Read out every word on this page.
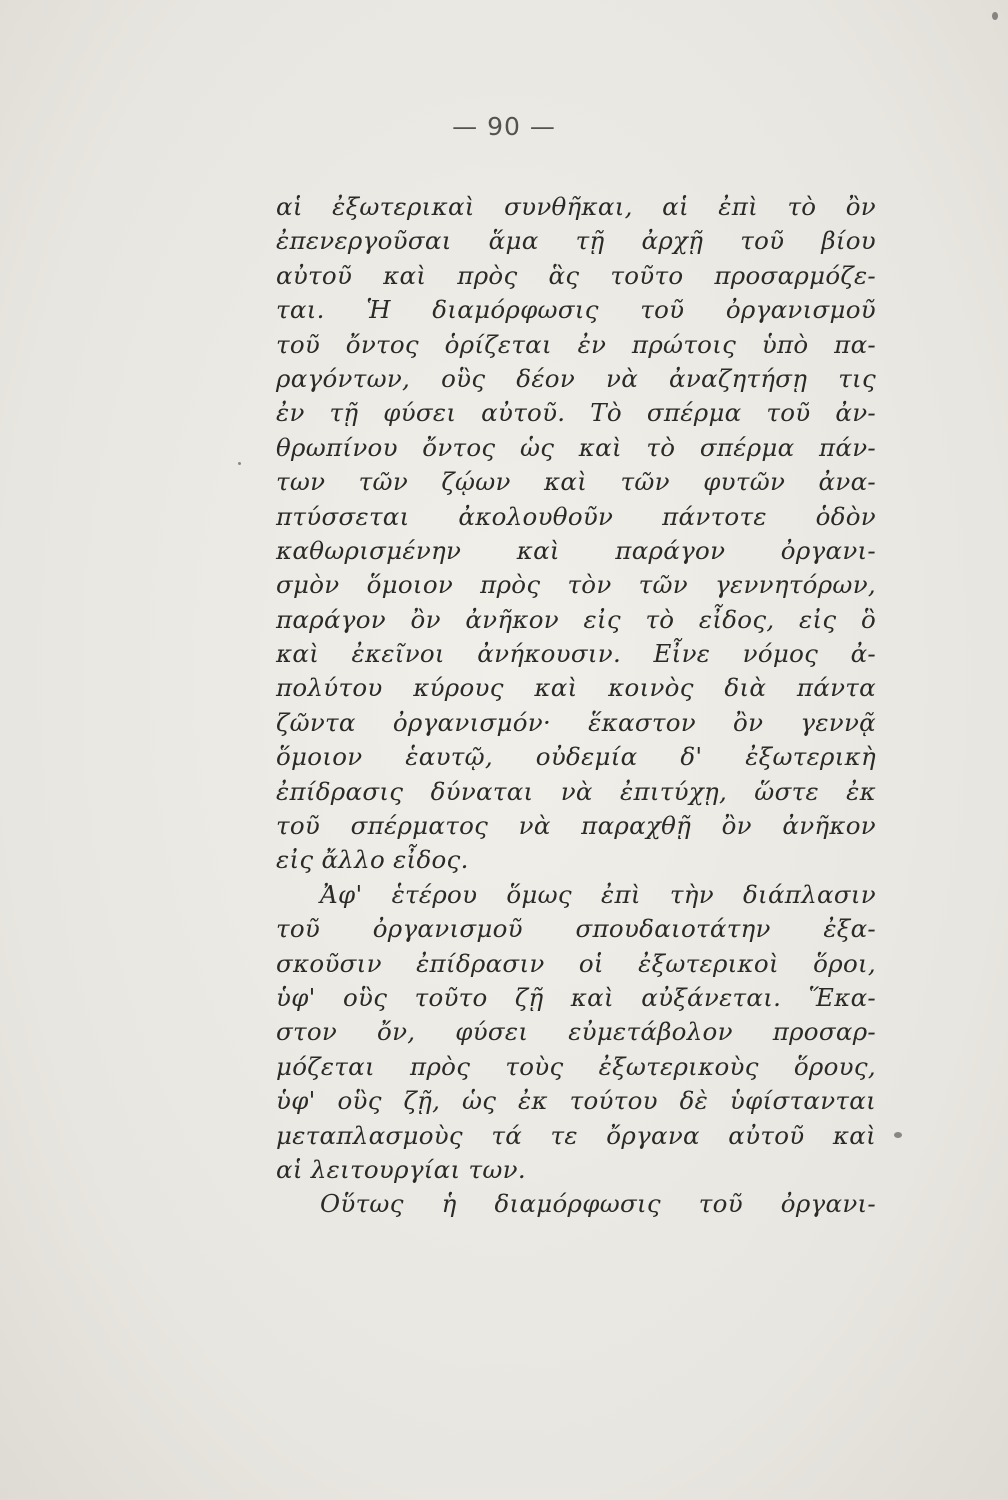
— 90 —
αἱ ἐξωτερικαὶ συνθῆκαι, αἱ ἐπὶ τὸ ὂν
ἐπενεργοῦσαι ἅμα τῇ ἀρχῇ τοῦ βίου
αὐτοῦ καὶ πρὸς ἃς τοῦτο προσαρμόζε-
ται. Ἡ διαμόρφωσις τοῦ ὀργανισμοῦ
τοῦ ὄντος ὁρίζεται ἐν πρώτοις ὑπὸ πα-
ραγόντων, οὓς δέον νὰ ἀναζητήσῃ τις
ἐν τῇ φύσει αὐτοῦ. Τὸ σπέρμα τοῦ ἀν-
θρωπίνου ὄντος ὡς καὶ τὸ σπέρμα πάν-
των τῶν ζῴων καὶ τῶν φυτῶν ἀνα-
πτύσσεται ἀκολουθοῦν πάντοτε ὁδὸν
καθωρισμένην καὶ παράγον ὀργανι-
σμὸν ὅμοιον πρὸς τὸν τῶν γεννητόρων,
παράγον ὂν ἀνῆκον εἰς τὸ εἶδος, εἰς ὃ
καὶ ἐκεῖνοι ἀνήκουσιν. Εἶνε νόμος ἀ-
πολύτου κύρους καὶ κοινὸς διὰ πάντα
ζῶντα ὀργανισμόν· ἕκαστον ὂν γεννᾷ
ὅμοιον ἑαυτῷ, οὐδεμία δ' ἐξωτερικὴ
ἐπίδρασις δύναται νὰ ἐπιτύχῃ, ὥστε ἐκ
τοῦ σπέρματος νὰ παραχθῇ ὂν ἀνῆκον
εἰς ἄλλο εἶδος.
Ἀφ' ἑτέρου ὅμως ἐπὶ τὴν διάπλασιν
τοῦ ὀργανισμοῦ σπουδαιοτάτην ἐξα-
σκοῦσιν ἐπίδρασιν οἱ ἐξωτερικοὶ ὅροι,
ὑφ' οὓς τοῦτο ζῇ καὶ αὐξάνεται. Ἕκα-
στον ὄν, φύσει εὐμετάβολον προσαρ-
μόζεται πρὸς τοὺς ἐξωτερικοὺς ὅρους,
ὑφ' οὓς ζῇ, ὡς ἐκ τούτου δὲ ὑφίστανται
μεταπλασμοὺς τά τε ὄργανα αὐτοῦ καὶ
αἱ λειτουργίαι των.
Οὕτως ἡ διαμόρφωσις τοῦ ὀργανι-
